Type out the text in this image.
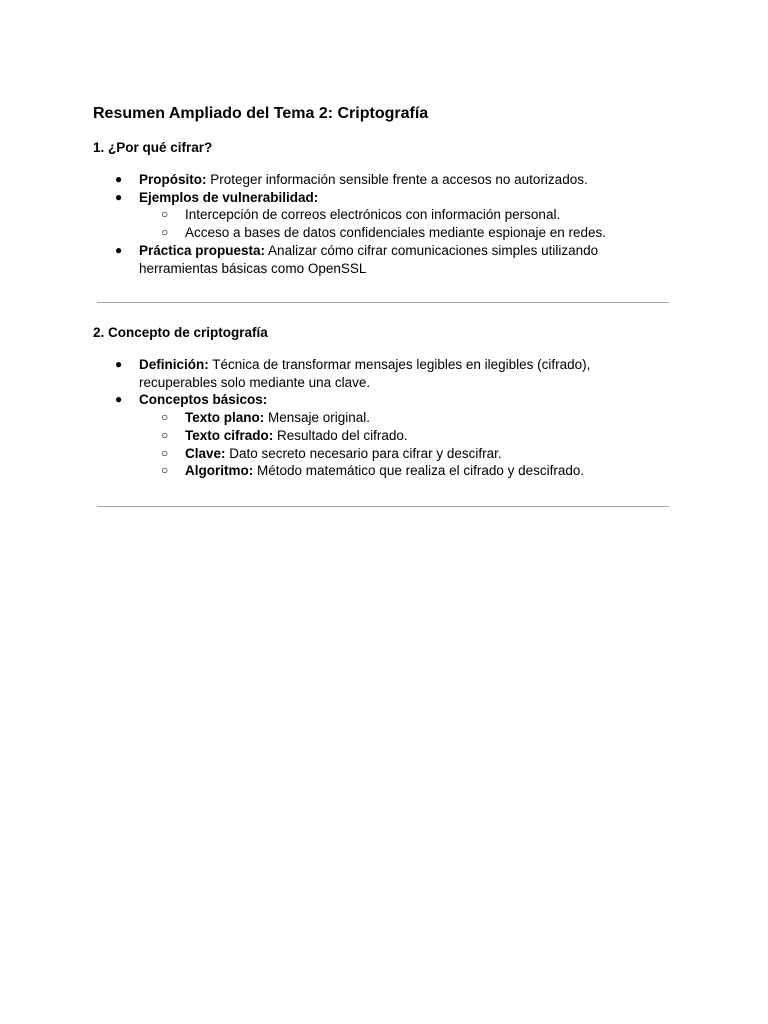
Resumen Ampliado del Tema 2: Criptografía
1. ¿Por qué cifrar?
● Propósito: Proteger información sensible frente a accesos no autorizados.
● Ejemplos de vulnerabilidad:
○ Intercepción de correos electrónicos con información personal.
○ Acceso a bases de datos confidenciales mediante espionaje en redes.
● Práctica propuesta: Analizar cómo cifrar comunicaciones simples utilizando herramientas básicas como OpenSSL
2. Concepto de criptografía
● Definición: Técnica de transformar mensajes legibles en ilegibles (cifrado), recuperables solo mediante una clave.
● Conceptos básicos:
○ Texto plano: Mensaje original.
○ Texto cifrado: Resultado del cifrado.
○ Clave: Dato secreto necesario para cifrar y descifrar.
○ Algoritmo: Método matemático que realiza el cifrado y descifrado.
